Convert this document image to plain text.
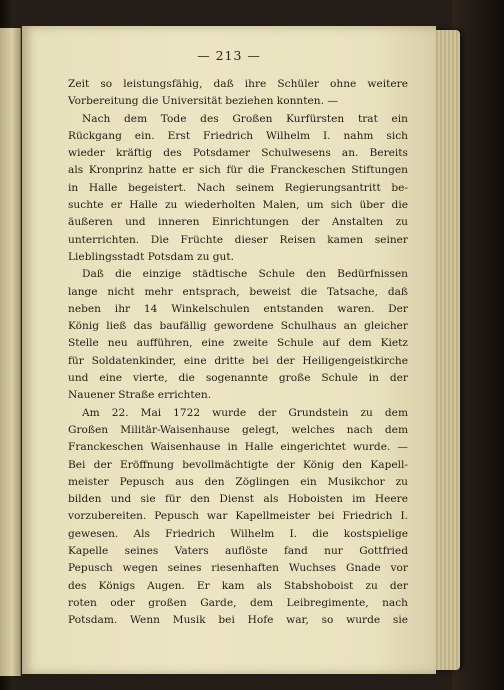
— 213 —
Zeit so leistungsfähig, daß ihre Schüler ohne weitere
Vorbereitung die Universität beziehen konnten. —
Nach dem Tode des Großen Kurfürsten trat ein
Rückgang ein. Erst Friedrich Wilhelm I. nahm sich
wieder kräftig des Potsdamer Schulwesens an. Bereits
als Kronprinz hatte er sich für die Franckeschen Stiftungen
in Halle begeistert. Nach seinem Regierungsantritt be-
suchte er Halle zu wiederholten Malen, um sich über die
äußeren und inneren Einrichtungen der Anstalten zu
unterrichten. Die Früchte dieser Reisen kamen seiner
Lieblingsstadt Potsdam zu gut.
Daß die einzige städtische Schule den Bedürfnissen
lange nicht mehr entsprach, beweist die Tatsache, daß
neben ihr 14 Winkelschulen entstanden waren. Der
König ließ das baufällig gewordene Schulhaus an gleicher
Stelle neu aufführen, eine zweite Schule auf dem Kietz
für Soldatenkinder, eine dritte bei der Heiligengeistkirche
und eine vierte, die sogenannte große Schule in der
Nauener Straße errichten.
Am 22. Mai 1722 wurde der Grundstein zu dem
Großen Militär-Waisenhause gelegt, welches nach dem
Franckeschen Waisenhause in Halle eingerichtet wurde. —
Bei der Eröffnung bevollmächtigte der König den Kapell-
meister Pepusch aus den Zöglingen ein Musikchor zu
bilden und sie für den Dienst als Hoboisten im Heere
vorzubereiten. Pepusch war Kapellmeister bei Friedrich I.
gewesen. Als Friedrich Wilhelm I. die kostspielige
Kapelle seines Vaters auflöste fand nur Gottfried
Pepusch wegen seines riesenhaften Wuchses Gnade vor
des Königs Augen. Er kam als Stabshoboist zu der
roten oder großen Garde, dem Leibregimente, nach
Potsdam. Wenn Musik bei Hofe war, so wurde sie
